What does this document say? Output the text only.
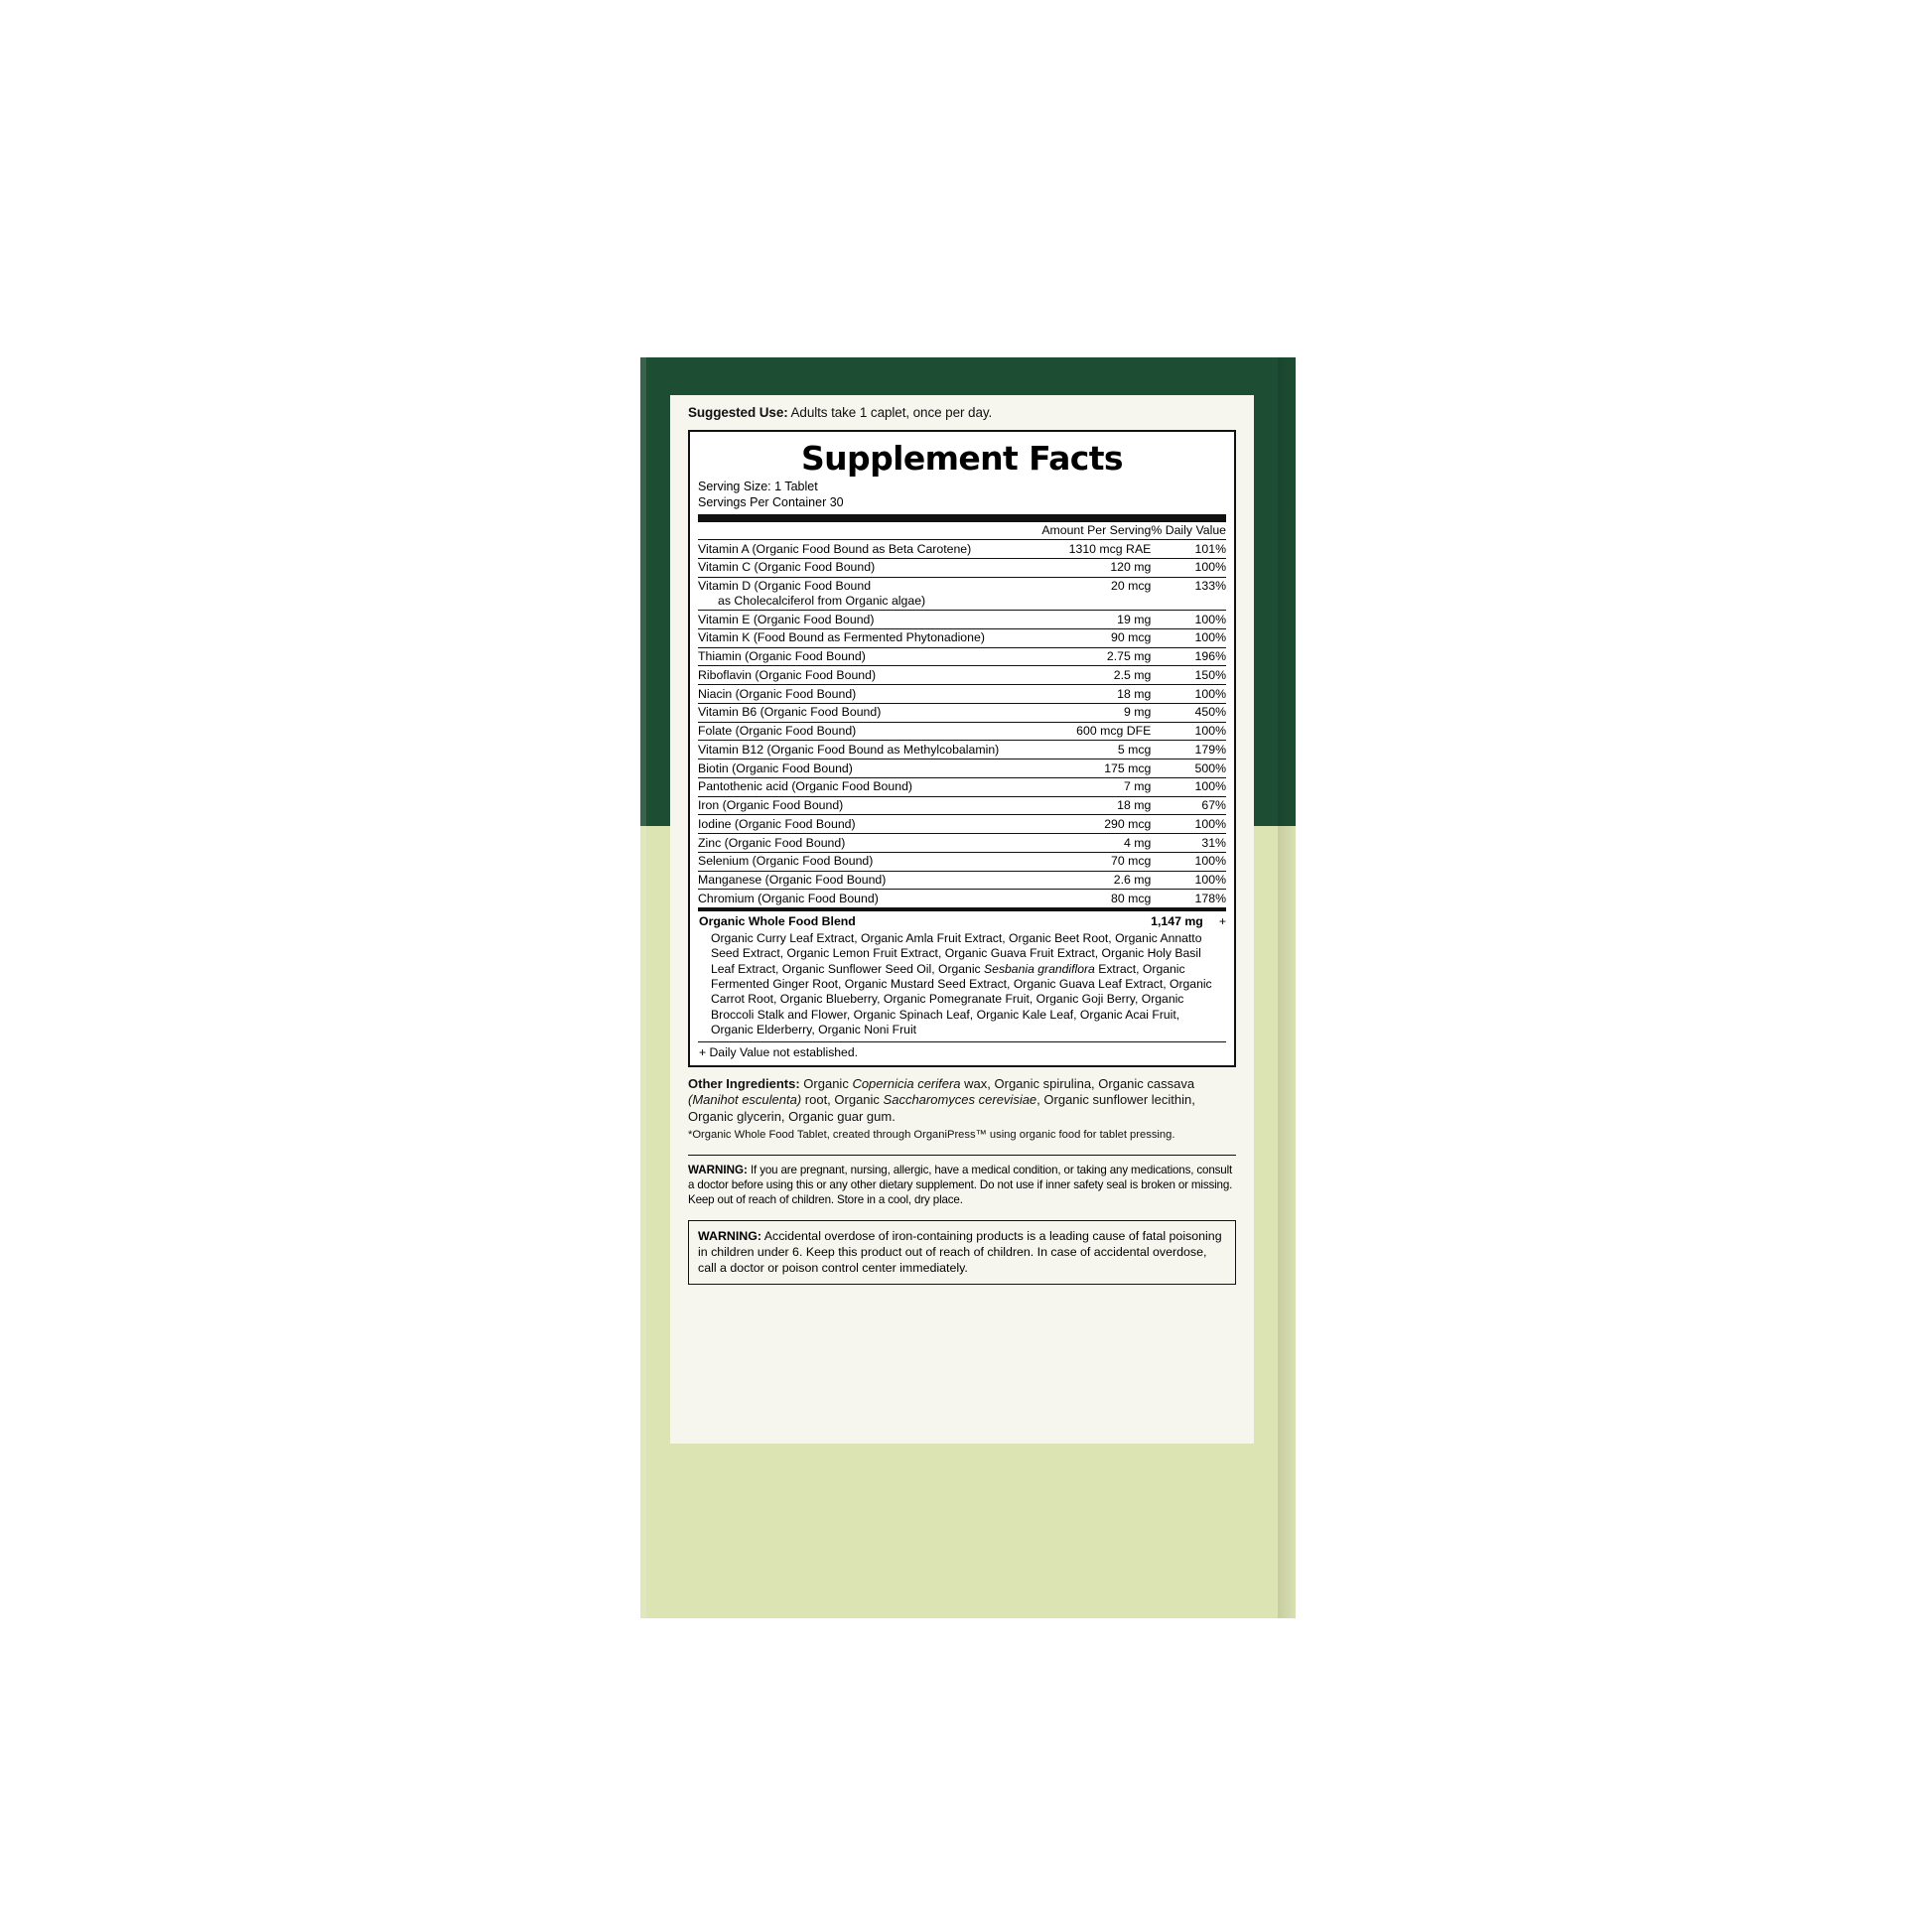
Suggested Use: Adults take 1 caplet, once per day.
Supplement Facts
Serving Size: 1 Tablet
Servings Per Container 30
	Amount Per Serving	% Daily Value
Vitamin A (Organic Food Bound as Beta Carotene)	1310 mcg RAE	101%
Vitamin C (Organic Food Bound)	120 mg	100%
Vitamin D (Organic Food Bound
as Cholecalciferol from Organic algae)	20 mcg	133%
Vitamin E (Organic Food Bound)	19 mg	100%
Vitamin K (Food Bound as Fermented Phytonadione)	90 mcg	100%
Thiamin (Organic Food Bound)	2.75 mg	196%
Riboflavin (Organic Food Bound)	2.5 mg	150%
Niacin (Organic Food Bound)	18 mg	100%
Vitamin B6 (Organic Food Bound)	9 mg	450%
Folate (Organic Food Bound)	600 mcg DFE	100%
Vitamin B12 (Organic Food Bound as Methylcobalamin)	5 mcg	179%
Biotin (Organic Food Bound)	175 mcg	500%
Pantothenic acid (Organic Food Bound)	7 mg	100%
Iron (Organic Food Bound)	18 mg	67%
Iodine (Organic Food Bound)	290 mcg	100%
Zinc (Organic Food Bound)	4 mg	31%
Selenium (Organic Food Bound)	70 mcg	100%
Manganese (Organic Food Bound)	2.6 mg	100%
Chromium (Organic Food Bound)	80 mcg	178%
Organic Whole Food Blend	1,147 mg	+
Organic Curry Leaf Extract, Organic Amla Fruit Extract, Organic Beet Root, Organic Annatto Seed Extract, Organic Lemon Fruit Extract, Organic Guava Fruit Extract, Organic Holy Basil Leaf Extract, Organic Sunflower Seed Oil, Organic Sesbania grandiflora Extract, Organic Fermented Ginger Root, Organic Mustard Seed Extract, Organic Guava Leaf Extract, Organic Carrot Root, Organic Blueberry, Organic Pomegranate Fruit, Organic Goji Berry, Organic Broccoli Stalk and Flower, Organic Spinach Leaf, Organic Kale Leaf, Organic Acai Fruit, Organic Elderberry, Organic Noni Fruit
+ Daily Value not established.
Other Ingredients: Organic Copernicia cerifera wax, Organic spirulina, Organic cassava (Manihot esculenta) root, Organic Saccharomyces cerevisiae, Organic sunflower lecithin, Organic glycerin, Organic guar gum.
*Organic Whole Food Tablet, created through OrganiPress™ using organic food for tablet pressing.
WARNING: If you are pregnant, nursing, allergic, have a medical condition, or taking any medications, consult a doctor before using this or any other dietary supplement. Do not use if inner safety seal is broken or missing. Keep out of reach of children. Store in a cool, dry place.
WARNING: Accidental overdose of iron-containing products is a leading cause of fatal poisoning in children under 6. Keep this product out of reach of children. In case of accidental overdose, call a doctor or poison control center immediately.
